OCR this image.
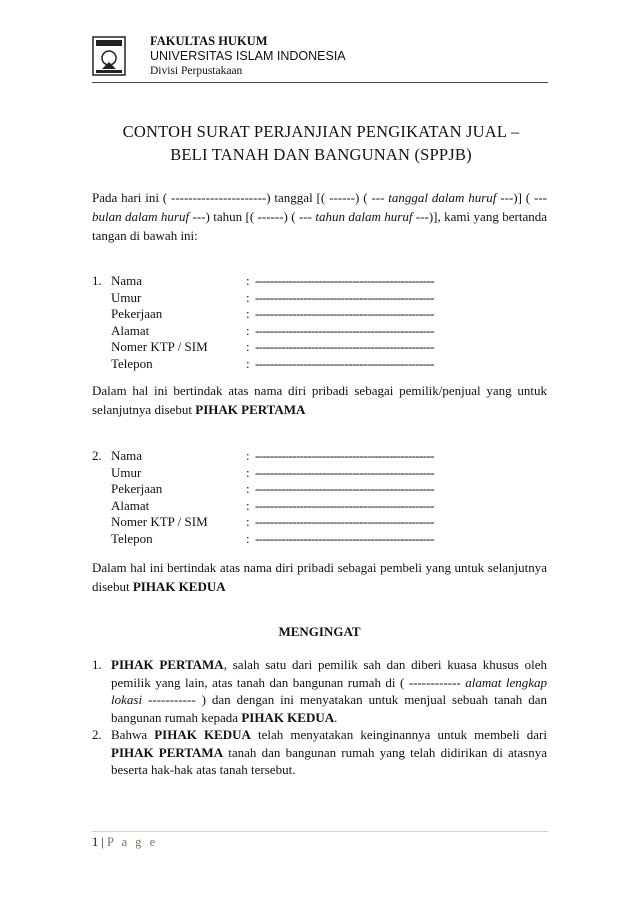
FAKULTAS HUKUM
UNIVERSITAS ISLAM INDONESIA
Divisi Perpustakaan
CONTOH SURAT PERJANJIAN PENGIKATAN JUAL –
BELI TANAH DAN BANGUNAN (SPPJB)
Pada hari ini ( ----------------------) tanggal [( ------) ( --- tanggal dalam huruf ---)] ( ---bulan dalam huruf ---) tahun [( ------) ( --- tahun dalam huruf ---)], kami yang bertanda tangan di bawah ini:
1. Nama	: ------------------------------------------------
Umur	: ------------------------------------------------
Pekerjaan	: ------------------------------------------------
Alamat	: ------------------------------------------------
Nomer KTP / SIM	: ------------------------------------------------
Telepon	: ------------------------------------------------
Dalam hal ini bertindak atas nama diri pribadi sebagai pemilik/penjual yang untuk selanjutnya disebut PIHAK PERTAMA
2. Nama	: ------------------------------------------------
Umur	: ------------------------------------------------
Pekerjaan	: ------------------------------------------------
Alamat	: ------------------------------------------------
Nomer KTP / SIM	: ------------------------------------------------
Telepon	: ------------------------------------------------
Dalam hal ini bertindak atas nama diri pribadi sebagai pembeli yang untuk selanjutnya disebut PIHAK KEDUA
MENGINGAT
1. PIHAK PERTAMA, salah satu dari pemilik sah dan diberi kuasa khusus oleh pemilik yang lain, atas tanah dan bangunan rumah di ( ------------ alamat lengkap lokasi ----------- ) dan dengan ini menyatakan untuk menjual sebuah tanah dan bangunan rumah kepada PIHAK KEDUA.
2. Bahwa PIHAK KEDUA telah menyatakan keinginannya untuk membeli dari PIHAK PERTAMA tanah dan bangunan rumah yang telah didirikan di atasnya beserta hak-hak atas tanah tersebut.
1 | P a g e
